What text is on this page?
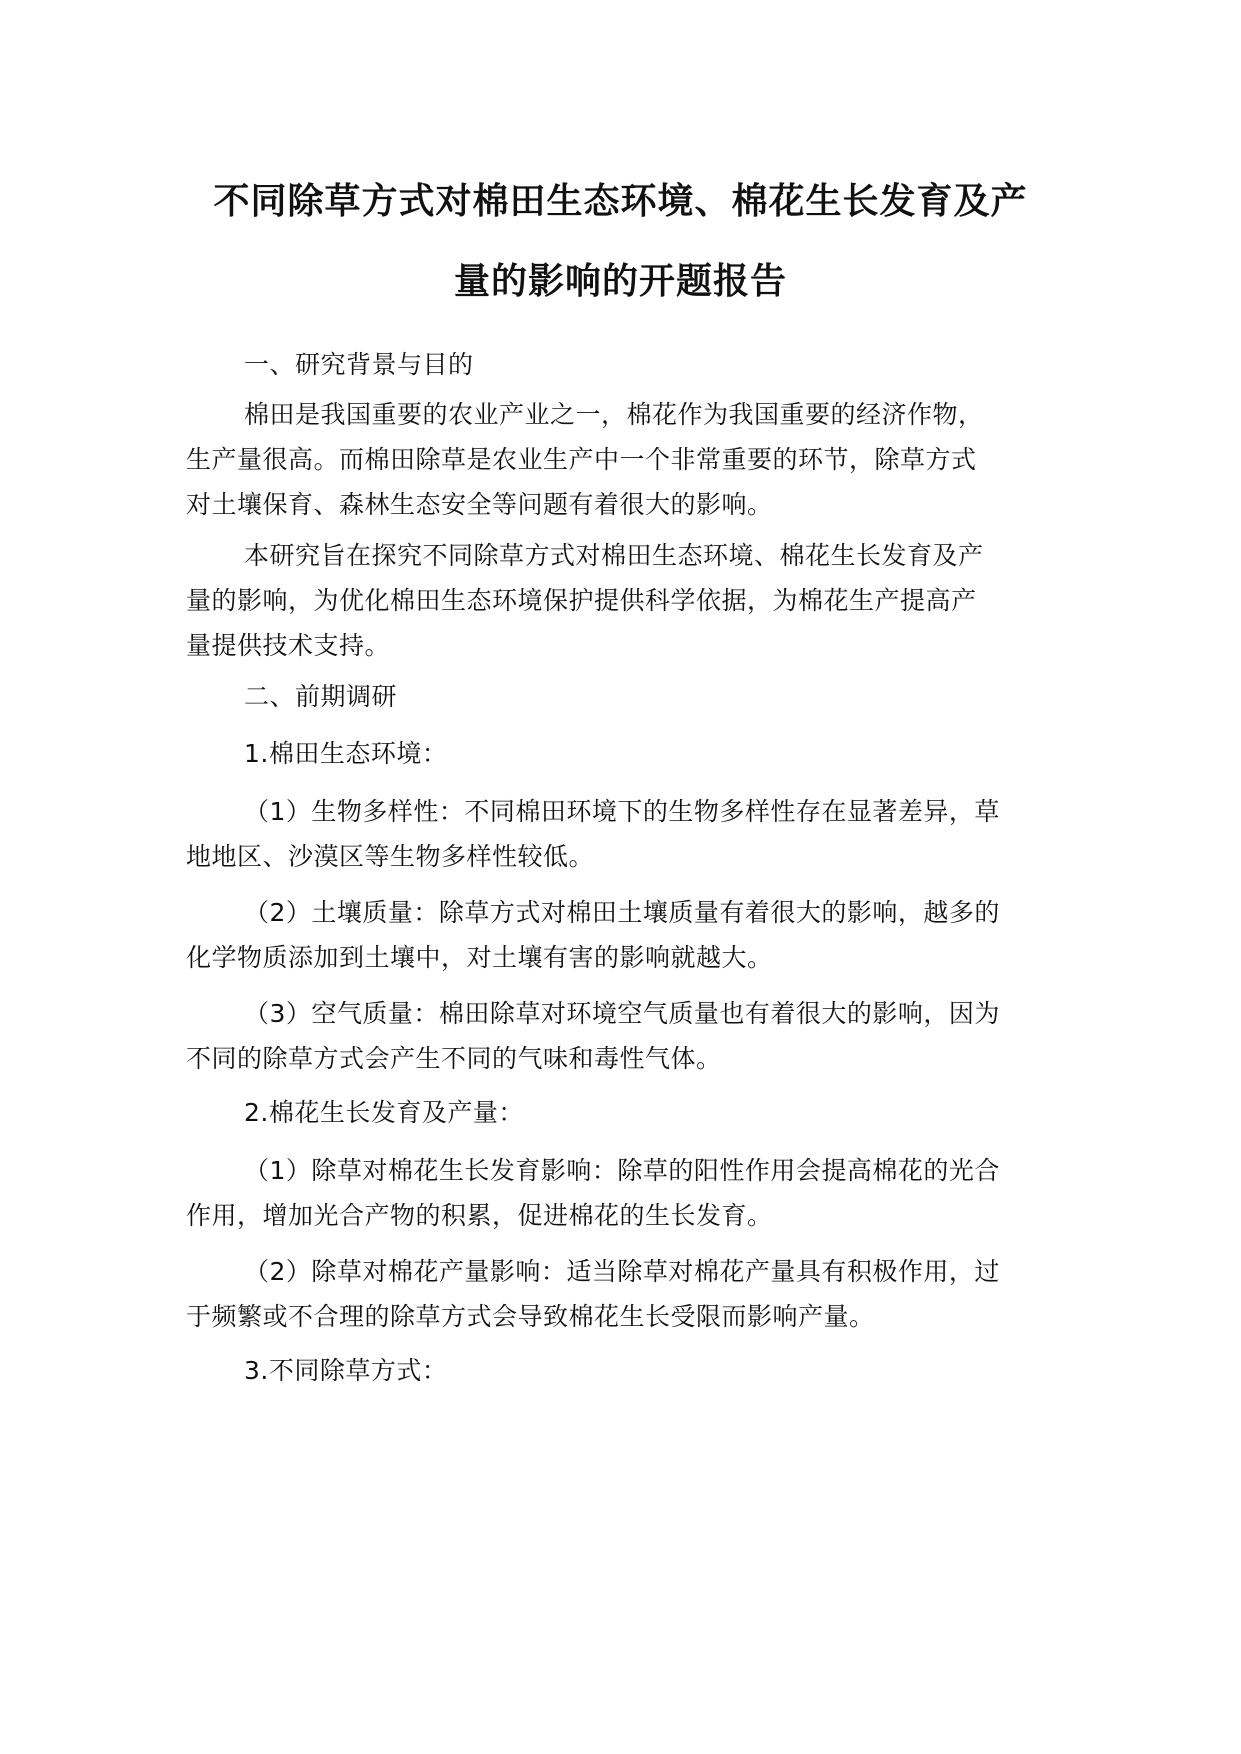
不同除草方式对棉田生态环境、棉花生长发育及产
量的影响的开题报告
一、研究背景与目的
棉田是我国重要的农业产业之一，棉花作为我国重要的经济作物，
生产量很高。而棉田除草是农业生产中一个非常重要的环节，除草方式
对土壤保育、森林生态安全等问题有着很大的影响。
本研究旨在探究不同除草方式对棉田生态环境、棉花生长发育及产
量的影响，为优化棉田生态环境保护提供科学依据，为棉花生产提高产
量提供技术支持。
二、前期调研
1.棉田生态环境：
（1）生物多样性：不同棉田环境下的生物多样性存在显著差异，草
地地区、沙漠区等生物多样性较低。
（2）土壤质量：除草方式对棉田土壤质量有着很大的影响，越多的
化学物质添加到土壤中，对土壤有害的影响就越大。
（3）空气质量：棉田除草对环境空气质量也有着很大的影响，因为
不同的除草方式会产生不同的气味和毒性气体。
2.棉花生长发育及产量：
（1）除草对棉花生长发育影响：除草的阳性作用会提高棉花的光合
作用，增加光合产物的积累，促进棉花的生长发育。
（2）除草对棉花产量影响：适当除草对棉花产量具有积极作用，过
于频繁或不合理的除草方式会导致棉花生长受限而影响产量。
3.不同除草方式：
